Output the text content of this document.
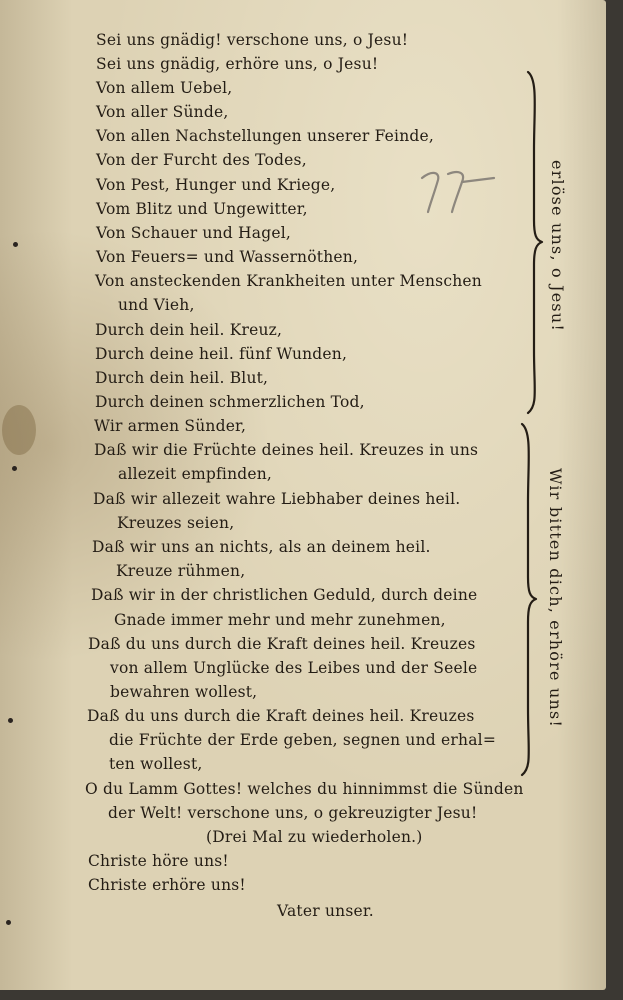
Sei uns gnädig! verschone uns, o Jesu!
Sei uns gnädig, erhöre uns, o Jesu!
Von allem Uebel,
Von aller Sünde,
Von allen Nachstellungen unserer Feinde,
Von der Furcht des Todes,
Von Pest, Hunger und Kriege,
Vom Blitz und Ungewitter,
Von Schauer und Hagel,
Von Feuers= und Wassernöthen,
Von ansteckenden Krankheiten unter Menschen
und Vieh,
Durch dein heil. Kreuz,
Durch deine heil. fünf Wunden,
Durch dein heil. Blut,
Durch deinen schmerzlichen Tod,
Wir armen Sünder,
Daß wir die Früchte deines heil. Kreuzes in uns
allezeit empfinden,
Daß wir allezeit wahre Liebhaber deines heil.
Kreuzes seien,
Daß wir uns an nichts, als an deinem heil.
Kreuze rühmen,
Daß wir in der christlichen Geduld, durch deine
Gnade immer mehr und mehr zunehmen,
Daß du uns durch die Kraft deines heil. Kreuzes
von allem Unglücke des Leibes und der Seele
bewahren wollest,
Daß du uns durch die Kraft deines heil. Kreuzes
die Früchte der Erde geben, segnen und erhal=
ten wollest,
O du Lamm Gottes! welches du hinnimmst die Sünden
der Welt! verschone uns, o gekreuzigter Jesu!
(Drei Mal zu wiederholen.)
Christe höre uns!
Christe erhöre uns!
Vater unser.
erlöse uns, o Jesu!
Wir bitten dich, erhöre uns!
